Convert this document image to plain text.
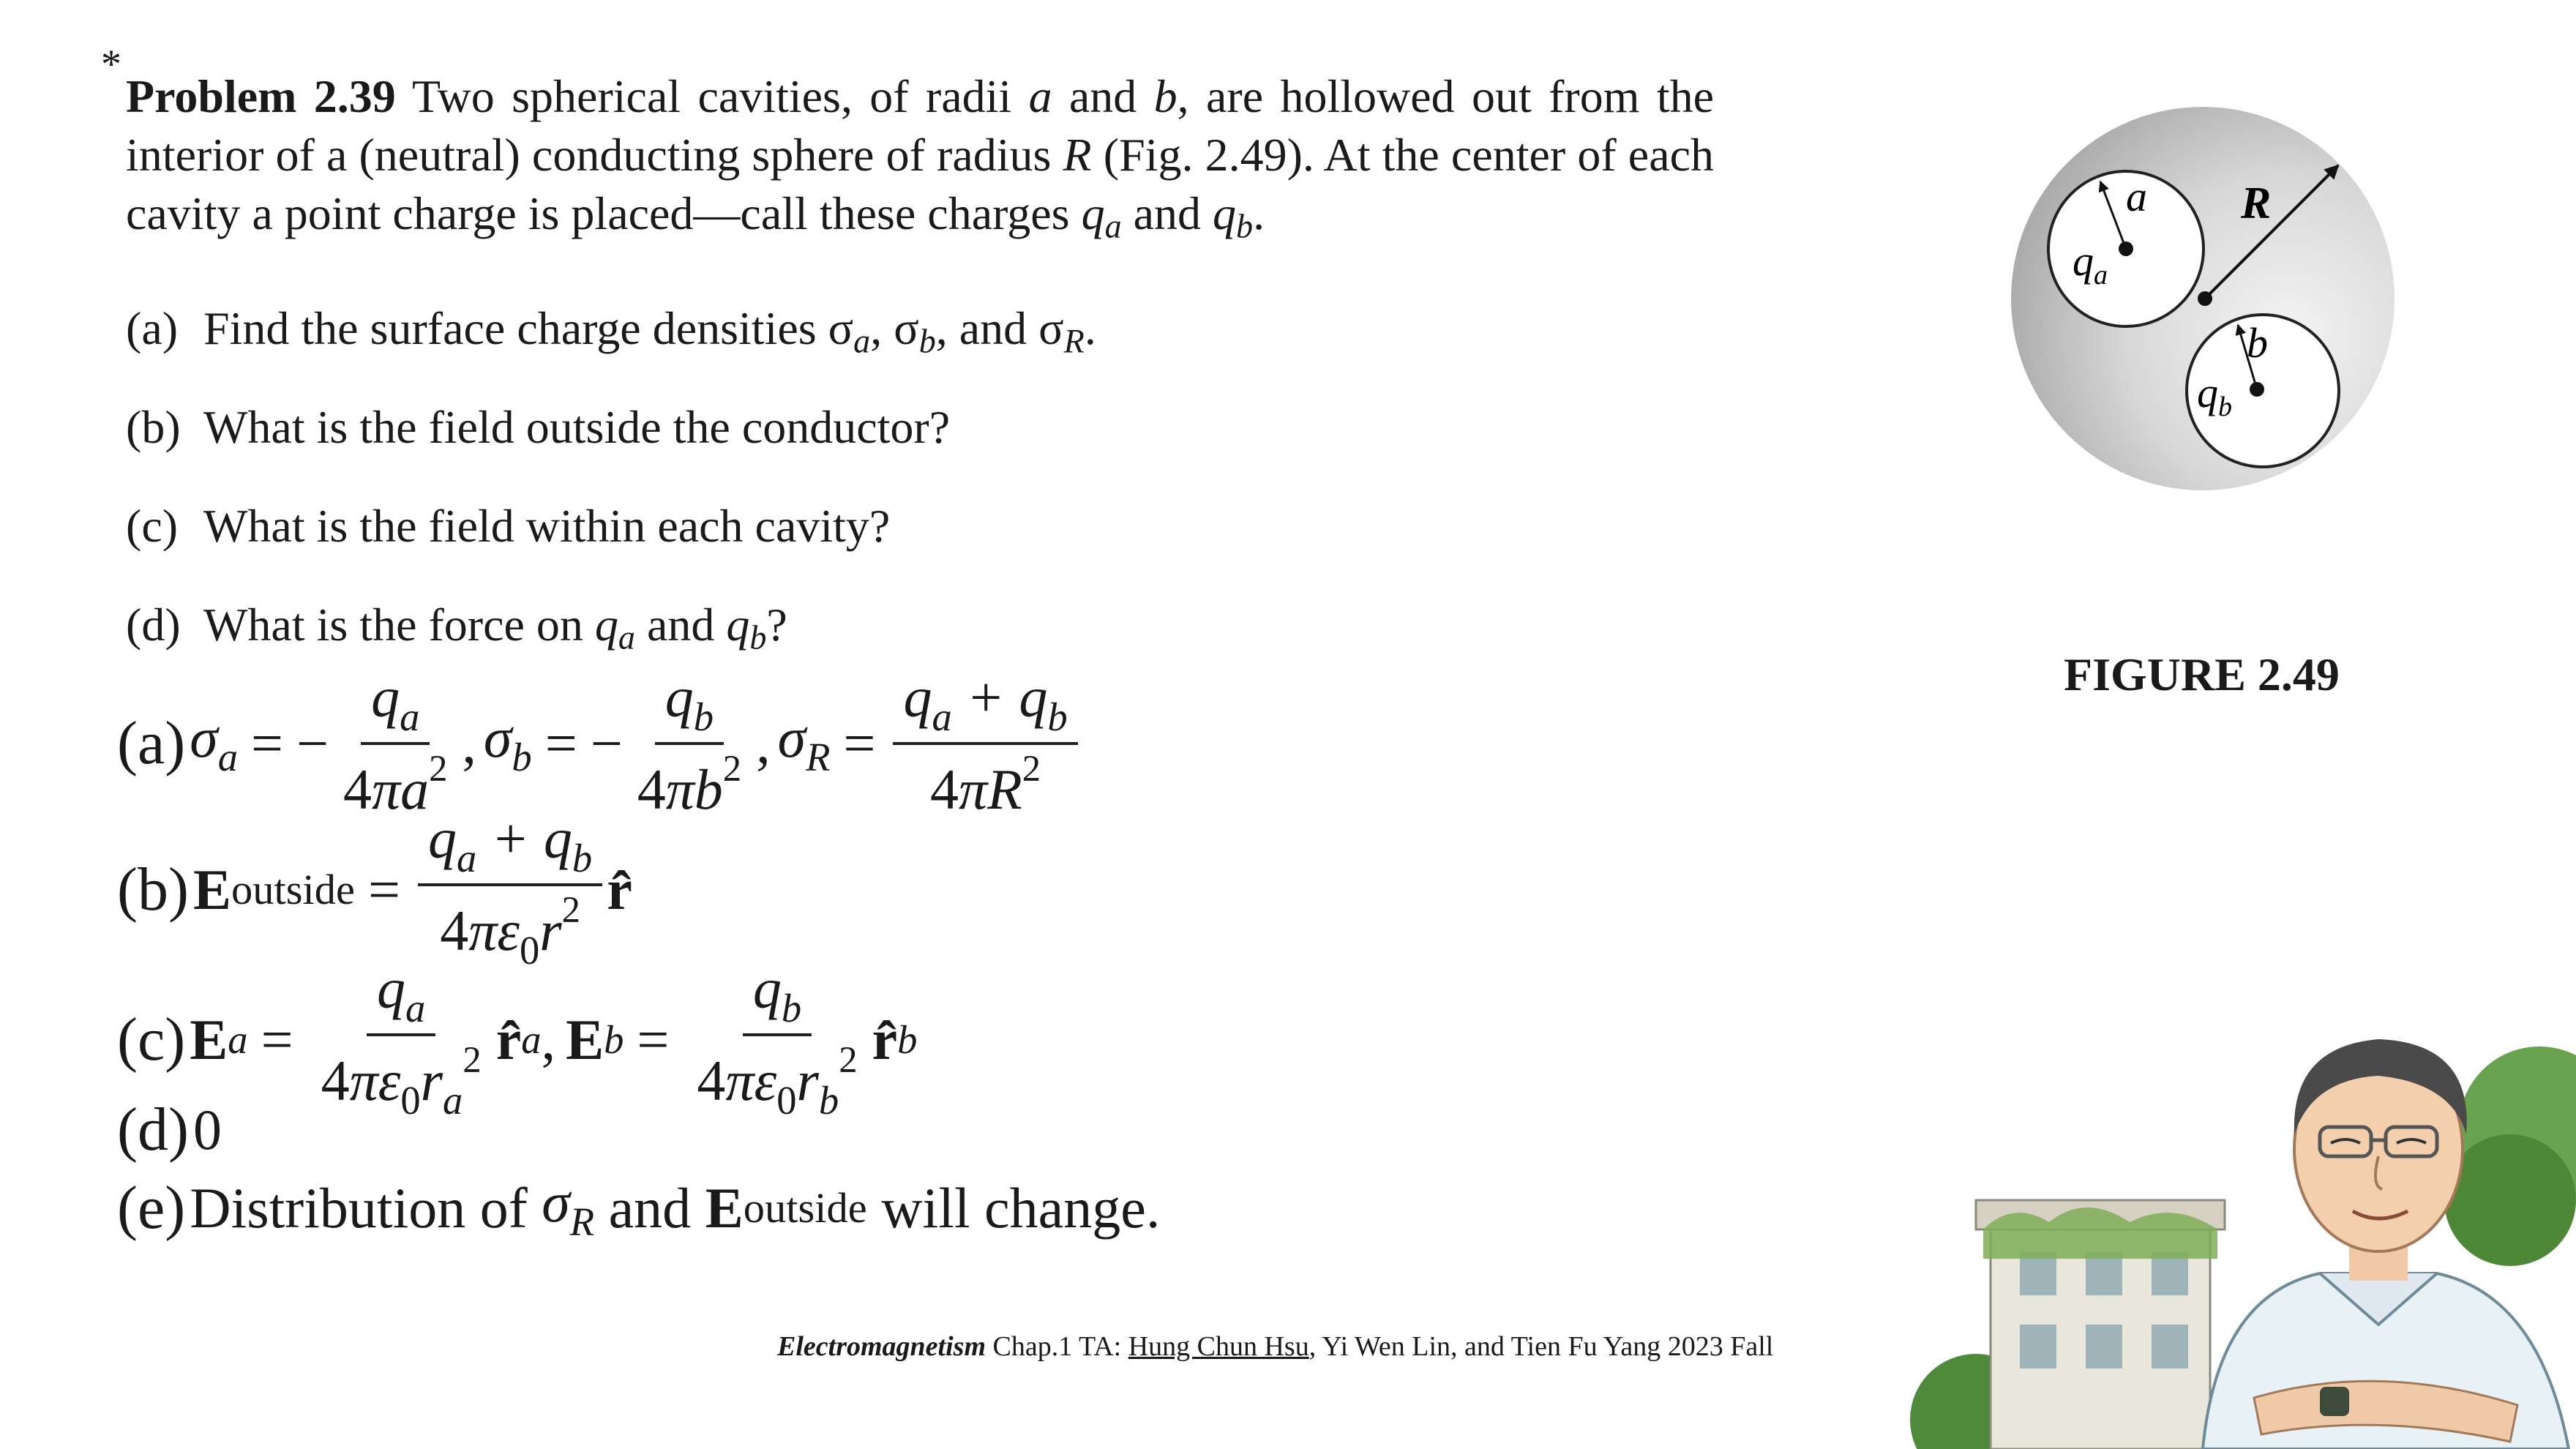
*

Problem 2.39 Two spherical cavities, of radii a and b, are hollowed out from the interior of a (neutral) conducting sphere of radius R (Fig. 2.49). At the center of each cavity a point charge is placed—call these charges $q_a$ and $q_b$.

(a) Find the surface charge densities $\sigma_a$, $\sigma_b$, and $\sigma_R$.
(b) What is the field outside the conductor?
(c) What is the field within each cavity?
(d) What is the force on $q_a$ and $q_b$?
(a) $\sigma_a$ = − $\frac{q_a}{4\pi a^2}$ , $\sigma_b$ = − $\frac{q_b}{4\pi b^2}$ , $\sigma_R = \frac{q_a + q_b}{4\pi R^2}$
(b) E outside = $\frac{q_a + q_b}{4\pi\varepsilon_0r^2}$ r̂
(c) E $a = \frac{q_a}{4\pi\varepsilon_0r_a^2}$ r̂ a , E $b = \frac{q_b}{4\pi\varepsilon_0r_b^2}$ r̂ b
(d) 0
(e) Distribution of $\sigma_R$ and E outside will change.
a R
b
$q_a$
$q_b$
FIGURE 2.49
Electromagnetism Chap.1 TA: Hung Chun Hsu, Yi Wen Lin, and Tien Fu Yang 2023 Fall
